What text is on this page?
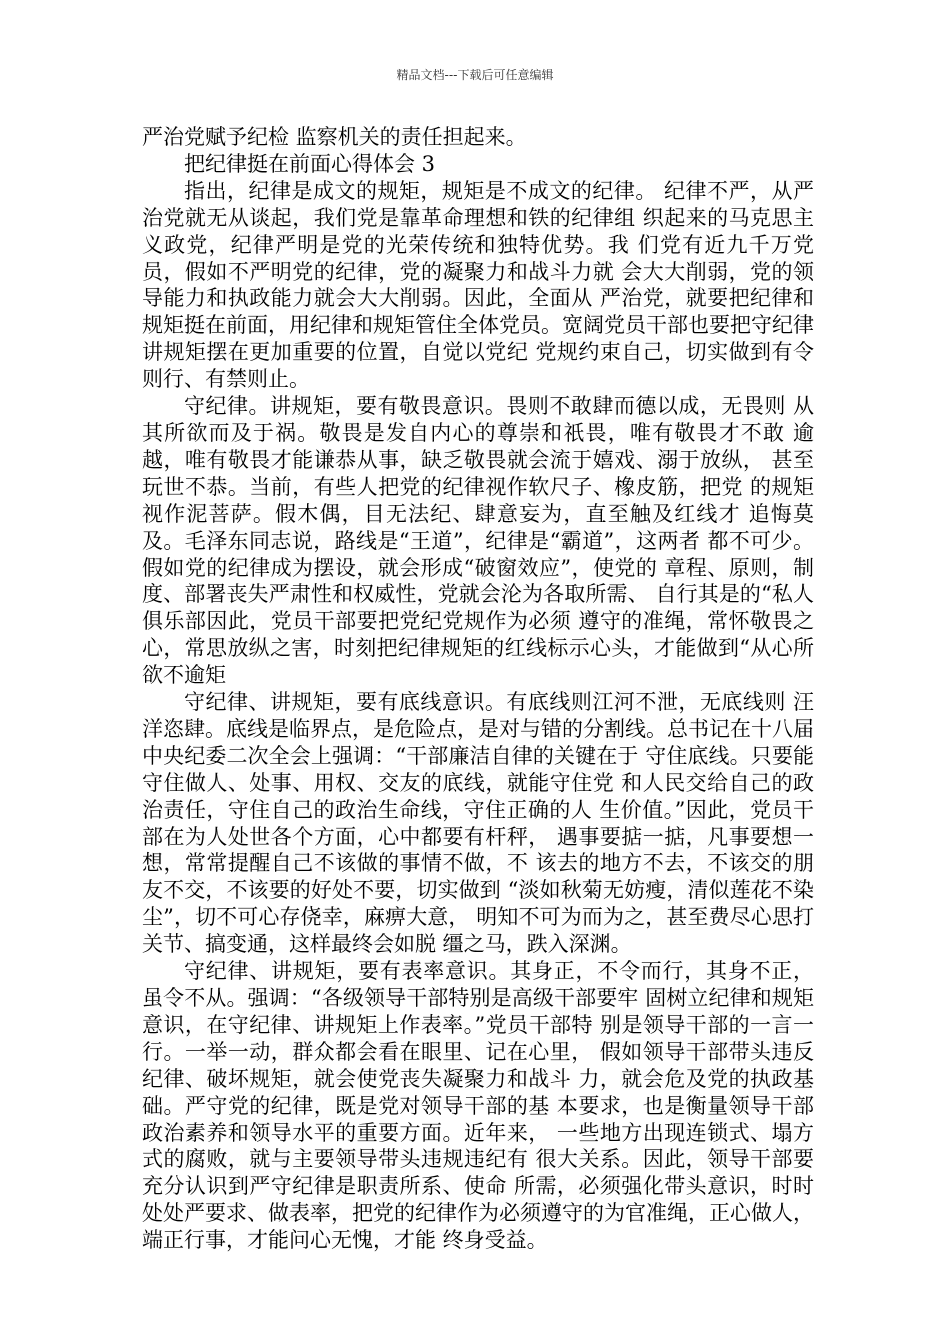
精品文档---下载后可任意编辑

严治党赋予纪检 监察机关的责任担起来。

把纪律挺在前面心得体会 3

指出，纪律是成文的规矩，规矩是不成文的纪律。 纪律不严，从严治党就无从谈起，我们党是靠革命理想和铁的纪律组 织起来的马克思主义政党，纪律严明是党的光荣传统和独特优势。我 们党有近九千万党员，假如不严明党的纪律，党的凝聚力和战斗力就 会大大削弱，党的领导能力和执政能力就会大大削弱。因此，全面从 严治党，就要把纪律和规矩挺在前面，用纪律和规矩管住全体党员。宽阔党员干部也要把守纪律讲规矩摆在更加重要的位置，自觉以党纪 党规约束自己，切实做到有令则行、有禁则止。

守纪律。讲规矩，要有敬畏意识。畏则不敢肆而德以成，无畏则 从其所欲而及于祸。敬畏是发自内心的尊崇和祇畏，唯有敬畏才不敢 逾越，唯有敬畏才能谦恭从事，缺乏敬畏就会流于嬉戏、溺于放纵， 甚至玩世不恭。当前，有些人把党的纪律视作软尺子、橡皮筋，把党 的规矩视作泥菩萨。假木偶，目无法纪、肆意妄为，直至触及红线才 追悔莫及。毛泽东同志说，路线是“王道”，纪律是“霸道”，这两者 都不可少。假如党的纪律成为摆设，就会形成“破窗效应”，使党的 章程、原则，制度、部署丧失严肃性和权威性，党就会沦为各取所需、 自行其是的“私人俱乐部因此，党员干部要把党纪党规作为必须 遵守的准绳，常怀敬畏之心，常思放纵之害，时刻把纪律规矩的红线标示心头，才能做到“从心所欲不逾矩

守纪律、讲规矩，要有底线意识。有底线则江河不泄，无底线则 汪洋恣肆。底线是临界点，是危险点，是对与错的分割线。总书记在十八届中央纪委二次全会上强调：“干部廉洁自律的关键在于 守住底线。只要能守住做人、处事、用权、交友的底线，就能守住党 和人民交给自己的政治责任，守住自己的政治生命线，守住正确的人 生价值。”因此，党员干部在为人处世各个方面，心中都要有杆秤， 遇事要掂一掂，凡事要想一想，常常提醒自己不该做的事情不做，不 该去的地方不去，不该交的朋友不交，不该要的好处不要，切实做到 “淡如秋菊无妨瘦，清似莲花不染尘”，切不可心存侥幸，麻痹大意， 明知不可为而为之，甚至费尽心思打关节、搞变通，这样最终会如脱 缰之马，跌入深渊。

守纪律、讲规矩，要有表率意识。其身正，不令而行，其身不正， 虽令不从。强调：“各级领导干部特别是高级干部要牢 固树立纪律和规矩意识，在守纪律、讲规矩上作表率。”党员干部特 别是领导干部的一言一行。一举一动，群众都会看在眼里、记在心里， 假如领导干部带头违反纪律、破坏规矩，就会使党丧失凝聚力和战斗 力，就会危及党的执政基础。严守党的纪律，既是党对领导干部的基 本要求，也是衡量领导干部政治素养和领导水平的重要方面。近年来， 一些地方出现连锁式、塌方式的腐败，就与主要领导带头违规违纪有 很大关系。因此，领导干部要充分认识到严守纪律是职责所系、使命 所需，必须强化带头意识，时时处处严要求、做表率，把党的纪律作为必须遵守的为官准绳，正心做人，端正行事，才能问心无愧，才能 终身受益。
